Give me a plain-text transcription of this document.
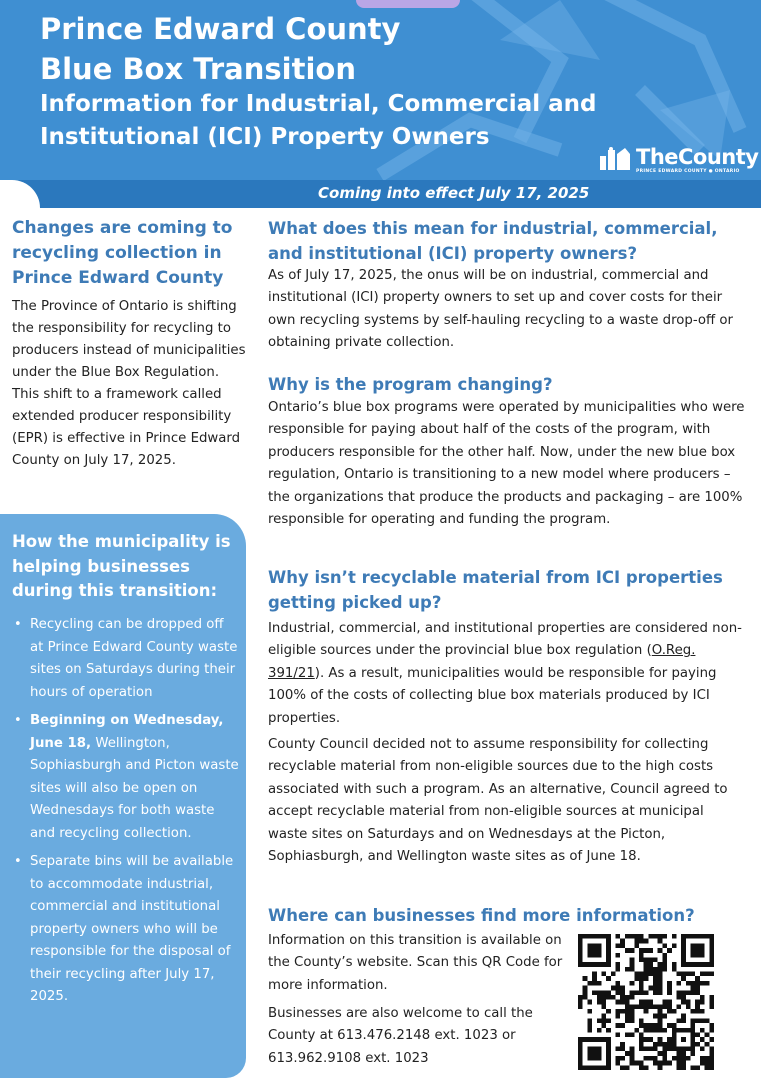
Prince Edward County
Blue Box Transition
Information for Industrial, Commercial and
Institutional (ICI) Property Owners
TheCounty
PRINCE EDWARD COUNTY ● ONTARIO
Coming into effect July 17, 2025
Changes are coming to recycling collection in Prince Edward County
The Province of Ontario is shifting the responsibility for recycling to producers instead of municipalities under the Blue Box Regulation. This shift to a framework called extended producer responsibility (EPR) is effective in Prince Edward County on July 17, 2025.
How the municipality is helping businesses during this transition:
• Recycling can be dropped off at Prince Edward County waste sites on Saturdays during their hours of operation
• Beginning on Wednesday, June 18, Wellington, Sophiasburgh and Picton waste sites will also be open on Wednesdays for both waste and recycling collection.
• Separate bins will be available to accommodate industrial, commercial and institutional property owners who will be responsible for the disposal of their recycling after July 17, 2025.
What does this mean for industrial, commercial, and institutional (ICI) property owners?
As of July 17, 2025, the onus will be on industrial, commercial and institutional (ICI) property owners to set up and cover costs for their own recycling systems by self-hauling recycling to a waste drop-off or obtaining private collection.
Why is the program changing?
Ontario’s blue box programs were operated by municipalities who were responsible for paying about half of the costs of the program, with producers responsible for the other half. Now, under the new blue box regulation, Ontario is transitioning to a new model where producers – the organizations that produce the products and packaging – are 100% responsible for operating and funding the program.
Why isn’t recyclable material from ICI properties getting picked up?
Industrial, commercial, and institutional properties are considered non-eligible sources under the provincial blue box regulation (O.Reg. 391/21). As a result, municipalities would be responsible for paying 100% of the costs of collecting blue box materials produced by ICI properties.
County Council decided not to assume responsibility for collecting recyclable material from non-eligible sources due to the high costs associated with such a program. As an alternative, Council agreed to accept recyclable material from non-eligible sources at municipal waste sites on Saturdays and on Wednesdays at the Picton, Sophiasburgh, and Wellington waste sites as of June 18.
Where can businesses find more information?
Information on this transition is available on the County’s website. Scan this QR Code for more information.
Businesses are also welcome to call the County at 613.476.2148 ext. 1023 or 613.962.9108 ext. 1023
